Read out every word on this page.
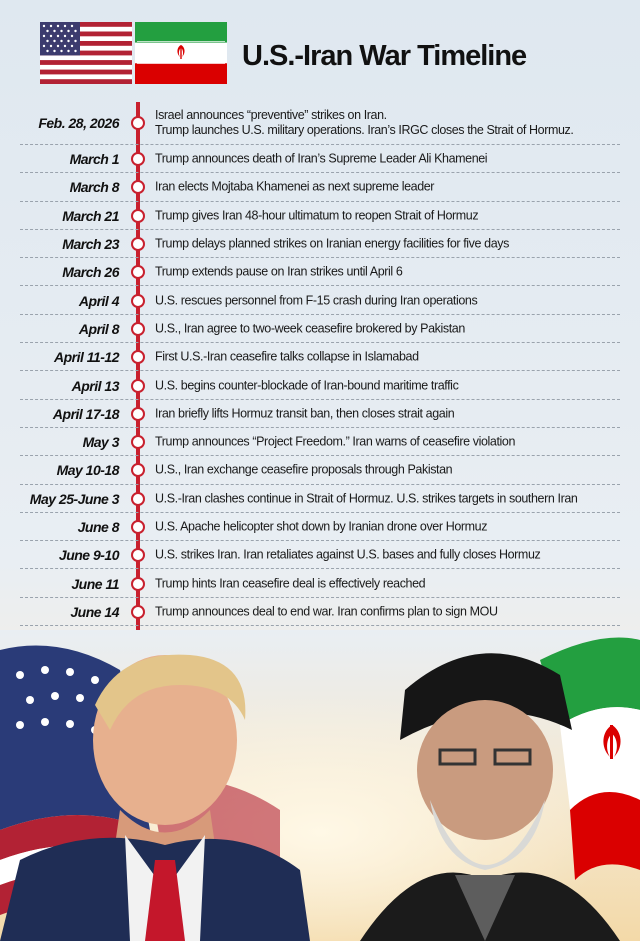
U.S.-Iran War Timeline
Feb. 28, 2026	Israel announces “preventive” strikes on Iran.
Trump launches U.S. military operations. Iran’s IRGC closes the Strait of Hormuz.
March 1	Trump announces death of Iran’s Supreme Leader Ali Khamenei
March 8	Iran elects Mojtaba Khamenei as next supreme leader
March 21	Trump gives Iran 48-hour ultimatum to reopen Strait of Hormuz
March 23	Trump delays planned strikes on Iranian energy facilities for five days
March 26	Trump extends pause on Iran strikes until April 6
April 4	U.S. rescues personnel from F-15 crash during Iran operations
April 8	U.S., Iran agree to two-week ceasefire brokered by Pakistan
April 11-12	First U.S.-Iran ceasefire talks collapse in Islamabad
April 13	U.S. begins counter-blockade of Iran-bound maritime traffic
April 17-18	Iran briefly lifts Hormuz transit ban, then closes strait again
May 3	Trump announces “Project Freedom.” Iran warns of ceasefire violation
May 10-18	U.S., Iran exchange ceasefire proposals through Pakistan
May 25-June 3	U.S.-Iran clashes continue in Strait of Hormuz. U.S. strikes targets in southern Iran
June 8	U.S. Apache helicopter shot down by Iranian drone over Hormuz
June 9-10	U.S. strikes Iran. Iran retaliates against U.S. bases and fully closes Hormuz
June 11	Trump hints Iran ceasefire deal is effectively reached
June 14	Trump announces deal to end war. Iran confirms plan to sign MOU
